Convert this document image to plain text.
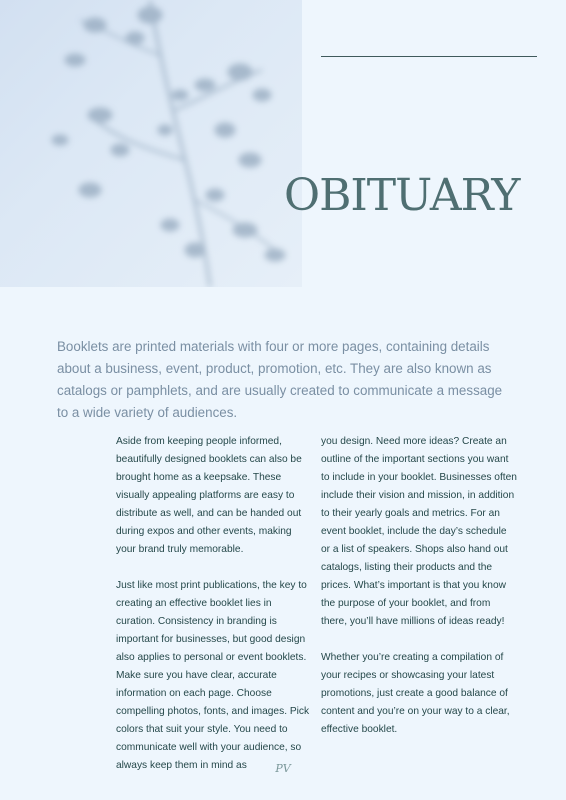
OBITUARY

Booklets are printed materials with four or more pages, containing details about a business, event, product, promotion, etc. They are also known as catalogs or pamphlets, and are usually created to communicate a message to a wide variety of audiences.

Aside from keeping people informed, beautifully designed booklets can also be brought home as a keepsake. These visually appealing platforms are easy to distribute as well, and can be handed out during expos and other events, making your brand truly memorable.

Just like most print publications, the key to creating an effective booklet lies in curation. Consistency in branding is important for businesses, but good design also applies to personal or event booklets. Make sure you have clear, accurate information on each page. Choose compelling photos, fonts, and images. Pick colors that suit your style. You need to communicate well with your audience, so always keep them in mind as

you design. Need more ideas? Create an outline of the important sections you want to include in your booklet. Businesses often include their vision and mission, in addition to their yearly goals and metrics. For an event booklet, include the day’s schedule or a list of speakers. Shops also hand out catalogs, listing their products and the prices. What’s important is that you know the purpose of your booklet, and from there, you’ll have millions of ideas ready!

Whether you’re creating a compilation of your recipes or showcasing your latest promotions, just create a good balance of content and you’re on your way to a clear, effective booklet.

PV
